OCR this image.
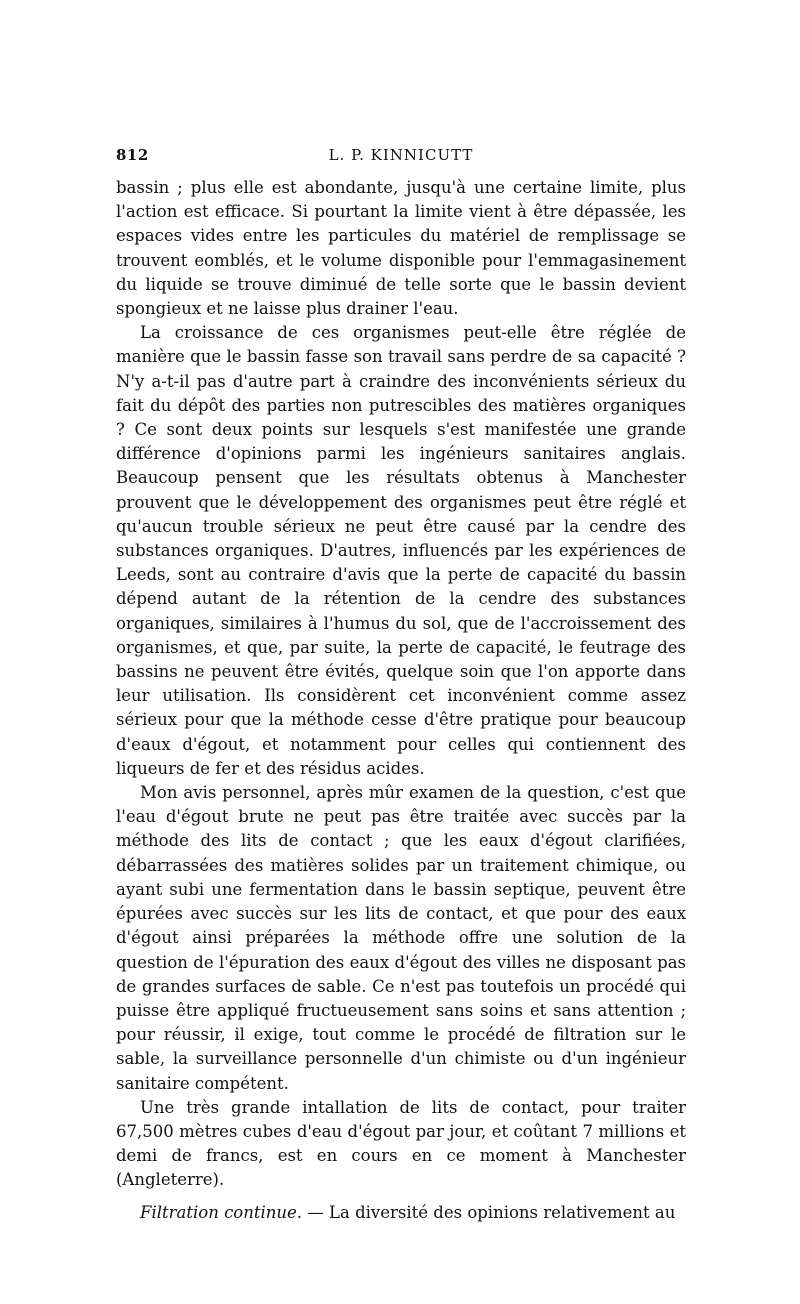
812	L. P. KINNICUTT

bassin ; plus elle est abondante, jusqu'à une certaine limite, plus l'action est efficace. Si pourtant la limite vient à être dépassée, les espaces vides entre les particules du matériel de remplissage se trouvent eomblés, et le volume disponible pour l'emmagasinement du liquide se trouve diminué de telle sorte que le bassin devient spongieux et ne laisse plus drainer l'eau.

La croissance de ces organismes peut-elle être réglée de manière que le bassin fasse son travail sans perdre de sa capacité ? N'y a-t-il pas d'autre part à craindre des inconvénients sérieux du fait du dépôt des parties non putrescibles des matières organiques ? Ce sont deux points sur lesquels s'est manifestée une grande différence d'opinions parmi les ingénieurs sanitaires anglais. Beaucoup pensent que les résultats obtenus à Manchester prouvent que le développement des organismes peut être réglé et qu'aucun trouble sérieux ne peut être causé par la cendre des substances organiques. D'autres, influencés par les expériences de Leeds, sont au contraire d'avis que la perte de capacité du bassin dépend autant de la rétention de la cendre des substances organiques, similaires à l'humus du sol, que de l'accroissement des organismes, et que, par suite, la perte de capacité, le feutrage des bassins ne peuvent être évités, quelque soin que l'on apporte dans leur utilisation. Ils considèrent cet inconvénient comme assez sérieux pour que la méthode cesse d'être pratique pour beaucoup d'eaux d'égout, et notamment pour celles qui contiennent des liqueurs de fer et des résidus acides.

Mon avis personnel, après mûr examen de la question, c'est que l'eau d'égout brute ne peut pas être traitée avec succès par la méthode des lits de contact ; que les eaux d'égout clarifiées, débarrassées des matières solides par un traitement chimique, ou ayant subi une fermentation dans le bassin septique, peuvent être épurées avec succès sur les lits de contact, et que pour des eaux d'égout ainsi préparées la méthode offre une solution de la question de l'épuration des eaux d'égout des villes ne disposant pas de grandes surfaces de sable. Ce n'est pas toutefois un procédé qui puisse être appliqué fructueusement sans soins et sans attention ; pour réussir, il exige, tout comme le procédé de filtration sur le sable, la surveillance personnelle d'un chimiste ou d'un ingénieur sanitaire compétent.

Une très grande intallation de lits de contact, pour traiter 67,500 mètres cubes d'eau d'égout par jour, et coûtant 7 millions et demi de francs, est en cours en ce moment à Manchester (Angleterre).

Filtration continue. — La diversité des opinions relativement au
